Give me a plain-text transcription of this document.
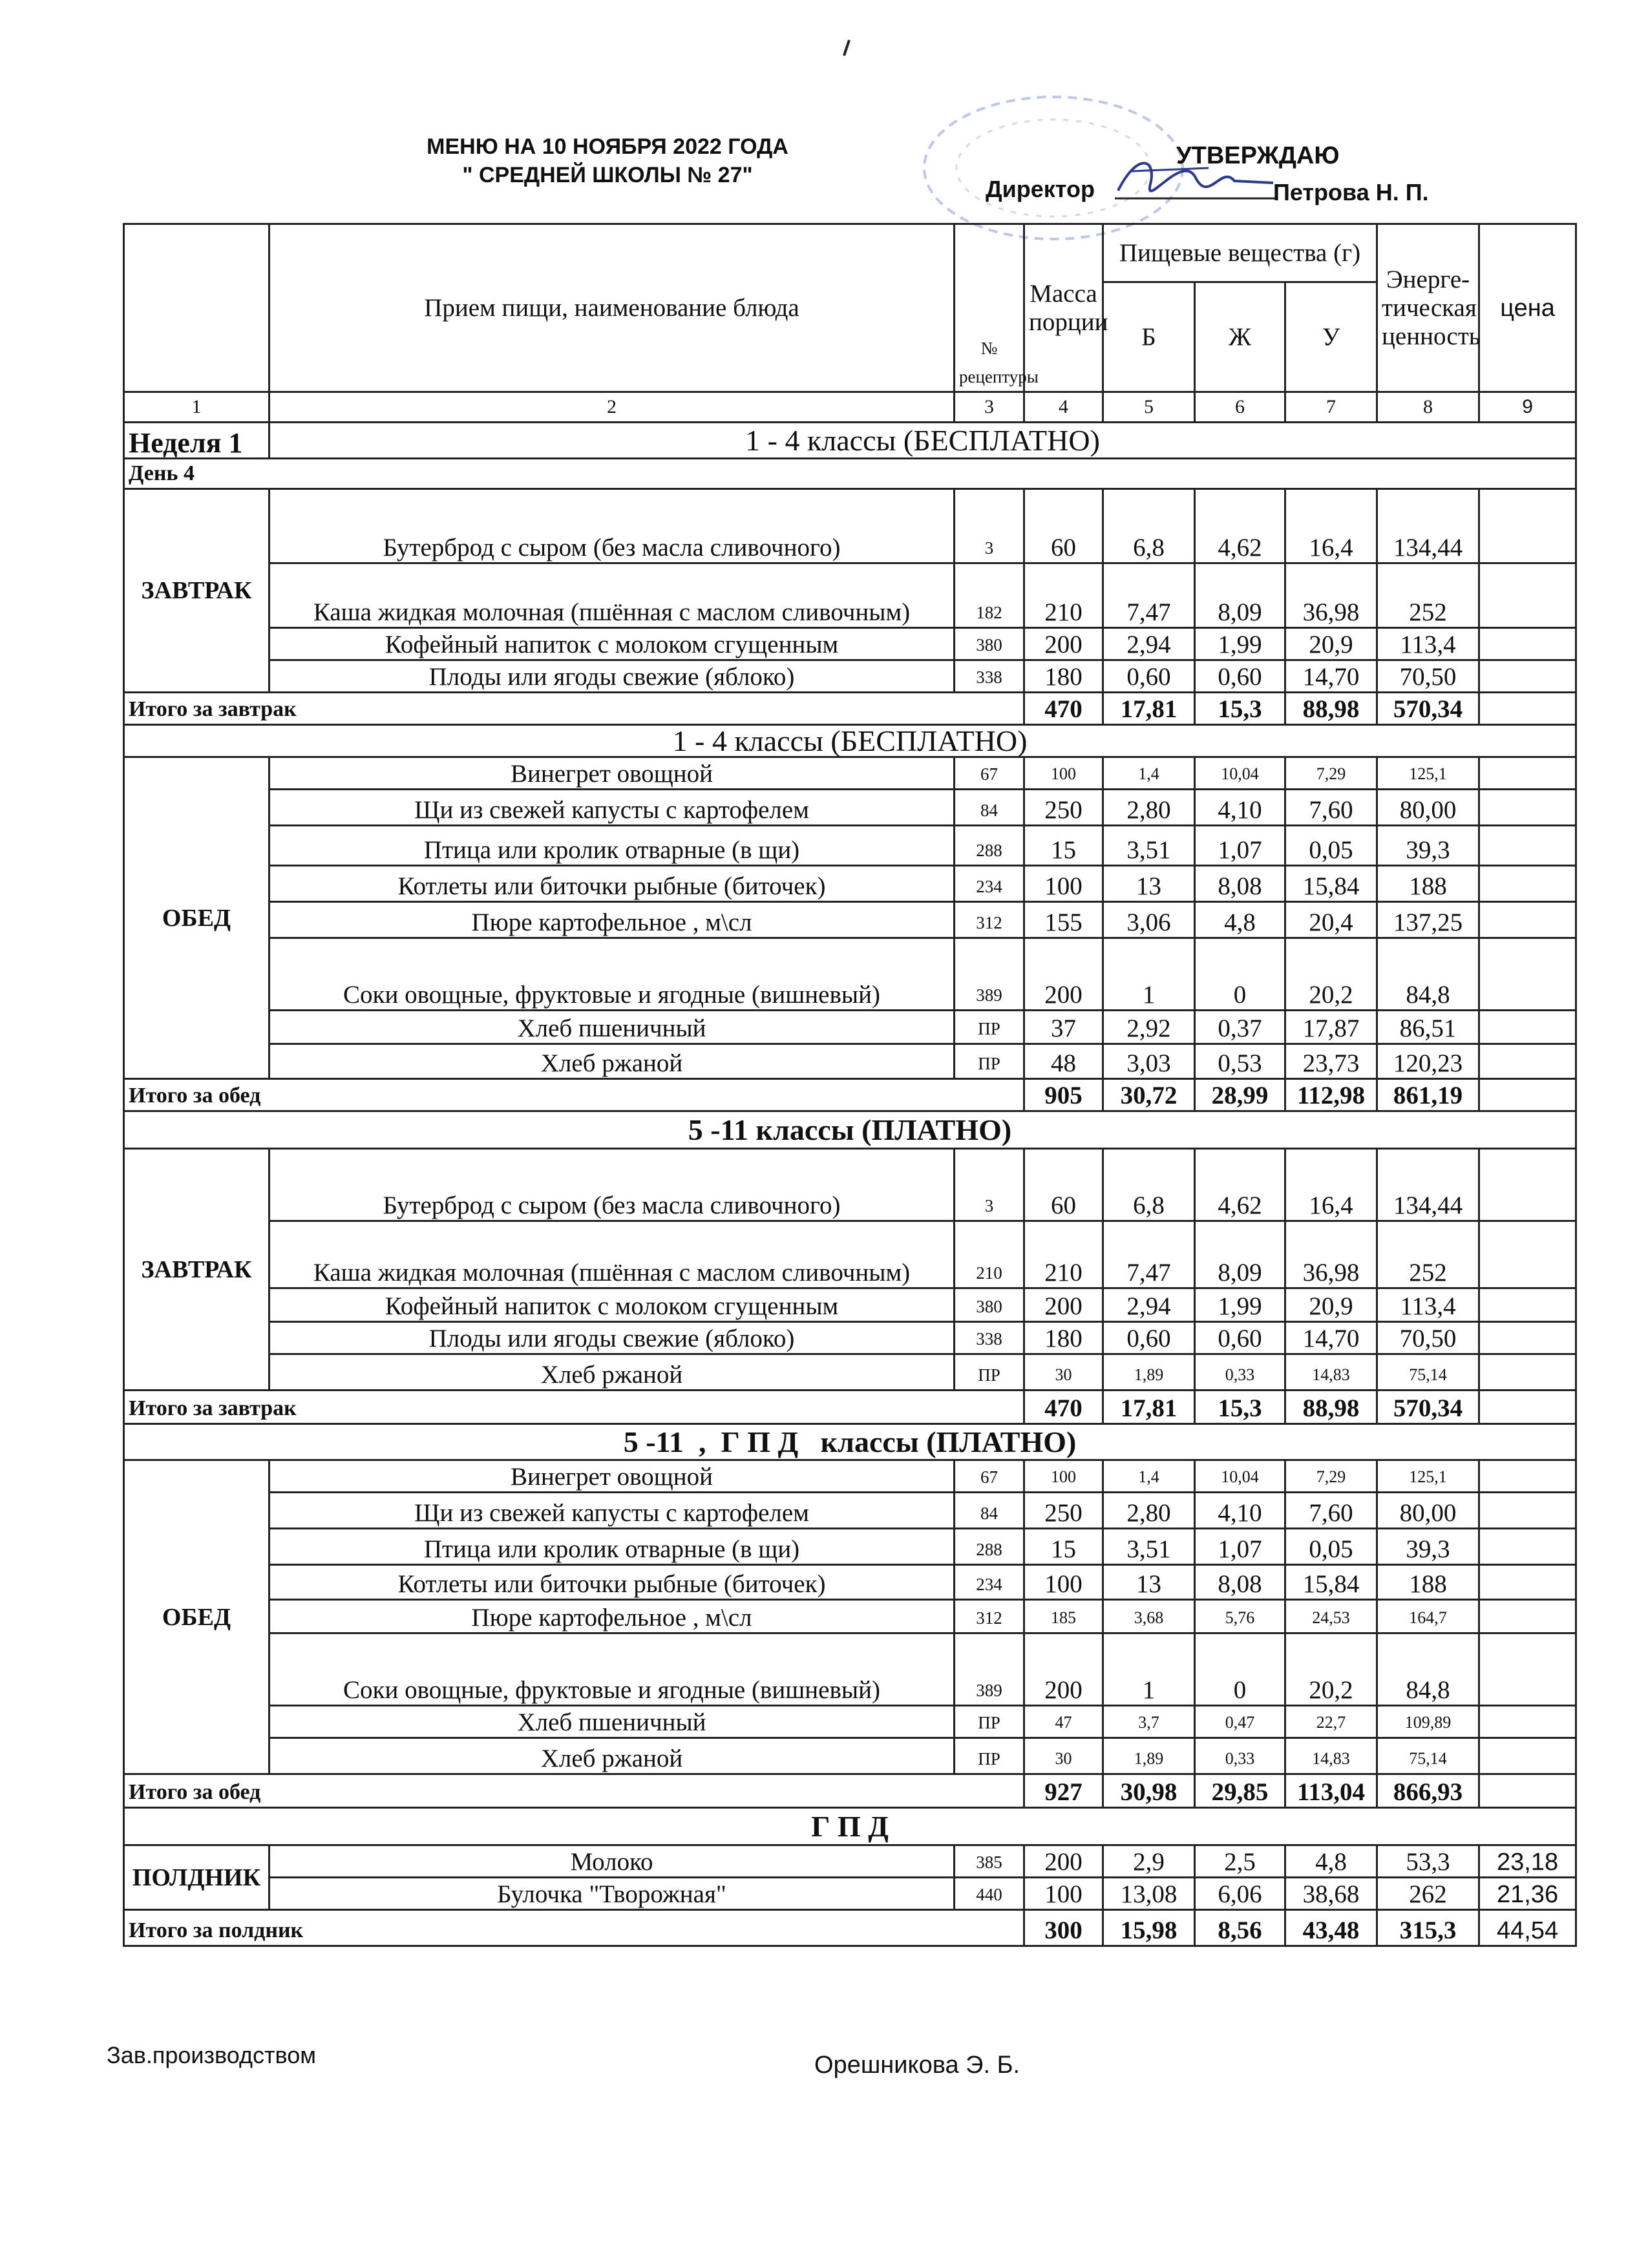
МЕНЮ НА 10 НОЯБРЯ 2022 ГОДА
" СРЕДНЕЙ ШКОЛЫ № 27"
УТВЕРЖДАЮ
Директор	Петрова Н. П.
	Прием пищи, наименование блюда	№ рецептуры	Масса порции	Пищевые вещества (г)			Энерге-тическая ценность	цена
				Б	Ж	У		
1	2	3	4	5	6	7	8	9
Неделя 1	1 - 4 классы (БЕСПЛАТНО)							
День 4								
ЗАВТРАК	Бутерброд с сыром (без масла сливочного)	3	60	6,8	4,62	16,4	134,44	
	Каша жидкая молочная (пшённая с маслом сливочным)	182	210	7,47	8,09	36,98	252	
	Кофейный напиток с молоком сгущенным	380	200	2,94	1,99	20,9	113,4	
	Плоды или ягоды свежие (яблоко)	338	180	0,60	0,60	14,70	70,50	
Итого за завтрак			470	17,81	15,3	88,98	570,34	
1 - 4 классы (БЕСПЛАТНО)								
ОБЕД	Винегрет овощной	67	100	1,4	10,04	7,29	125,1	
	Щи из свежей капусты с картофелем	84	250	2,80	4,10	7,60	80,00	
	Птица или кролик отварные (в щи)	288	15	3,51	1,07	0,05	39,3	
	Котлеты или биточки рыбные (биточек)	234	100	13	8,08	15,84	188	
	Пюре картофельное , м\сл	312	155	3,06	4,8	20,4	137,25	
	Соки овощные, фруктовые и ягодные (вишневый)	389	200	1	0	20,2	84,8	
	Хлеб пшеничный	ПР	37	2,92	0,37	17,87	86,51	
	Хлеб ржаной	ПР	48	3,03	0,53	23,73	120,23	
Итого за обед			905	30,72	28,99	112,98	861,19	
5 -11 классы (ПЛАТНО)								
ЗАВТРАК	Бутерброд с сыром (без масла сливочного)	3	60	6,8	4,62	16,4	134,44	
	Каша жидкая молочная (пшённая с маслом сливочным)	210	210	7,47	8,09	36,98	252	
	Кофейный напиток с молоком сгущенным	380	200	2,94	1,99	20,9	113,4	
	Плоды или ягоды свежие (яблоко)	338	180	0,60	0,60	14,70	70,50	
	Хлеб ржаной	ПР	30	1,89	0,33	14,83	75,14	
Итого за завтрак			470	17,81	15,3	88,98	570,34	
5 -11  ,  Г П Д   классы (ПЛАТНО)								
ОБЕД	Винегрет овощной	67	100	1,4	10,04	7,29	125,1	
	Щи из свежей капусты с картофелем	84	250	2,80	4,10	7,60	80,00	
	Птица или кролик отварные (в щи)	288	15	3,51	1,07	0,05	39,3	
	Котлеты или биточки рыбные (биточек)	234	100	13	8,08	15,84	188	
	Пюре картофельное , м\сл	312	185	3,68	5,76	24,53	164,7	
	Соки овощные, фруктовые и ягодные (вишневый)	389	200	1	0	20,2	84,8	
	Хлеб пшеничный	ПР	47	3,7	0,47	22,7	109,89	
	Хлеб ржаной	ПР	30	1,89	0,33	14,83	75,14	
Итого за обед			927	30,98	29,85	113,04	866,93	
Г П Д								
ПОЛДНИК	Молоко	385	200	2,9	2,5	4,8	53,3	23,18
	Булочка "Творожная"	440	100	13,08	6,06	38,68	262	21,36
Итого за полдник			300	15,98	8,56	43,48	315,3	44,54
Зав.производством	Орешникова Э. Б.
